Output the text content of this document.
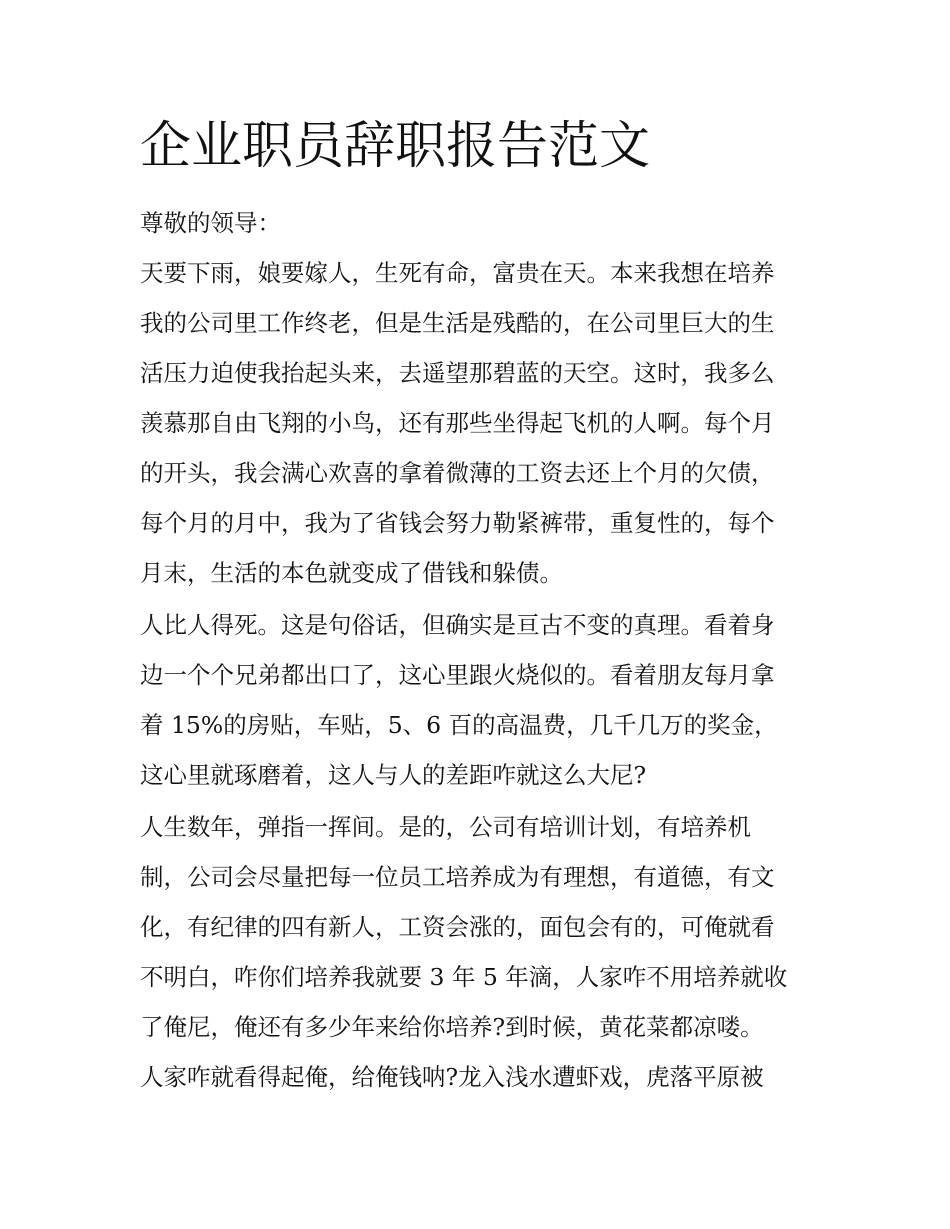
企业职员辞职报告范文
尊敬的领导：
天要下雨，娘要嫁人，生死有命，富贵在天。本来我想在培养
我的公司里工作终老，但是生活是残酷的，在公司里巨大的生
活压力迫使我抬起头来，去遥望那碧蓝的天空。这时，我多么
羡慕那自由飞翔的小鸟，还有那些坐得起飞机的人啊。每个月
的开头，我会满心欢喜的拿着微薄的工资去还上个月的欠债，
每个月的月中，我为了省钱会努力勒紧裤带，重复性的，每个
月末，生活的本色就变成了借钱和躲债。
人比人得死。这是句俗话，但确实是亘古不变的真理。看着身
边一个个兄弟都出口了，这心里跟火烧似的。看着朋友每月拿
着 15%的房贴，车贴，5、6 百的高温费，几千几万的奖金，
这心里就琢磨着，这人与人的差距咋就这么大尼?
人生数年，弹指一挥间。是的，公司有培训计划，有培养机
制，公司会尽量把每一位员工培养成为有理想，有道德，有文
化，有纪律的四有新人，工资会涨的，面包会有的，可俺就看
不明白，咋你们培养我就要 3 年 5 年滴，人家咋不用培养就收
了俺尼，俺还有多少年来给你培养?到时候，黄花菜都凉喽。
人家咋就看得起俺，给俺钱呐?龙入浅水遭虾戏，虎落平原被
